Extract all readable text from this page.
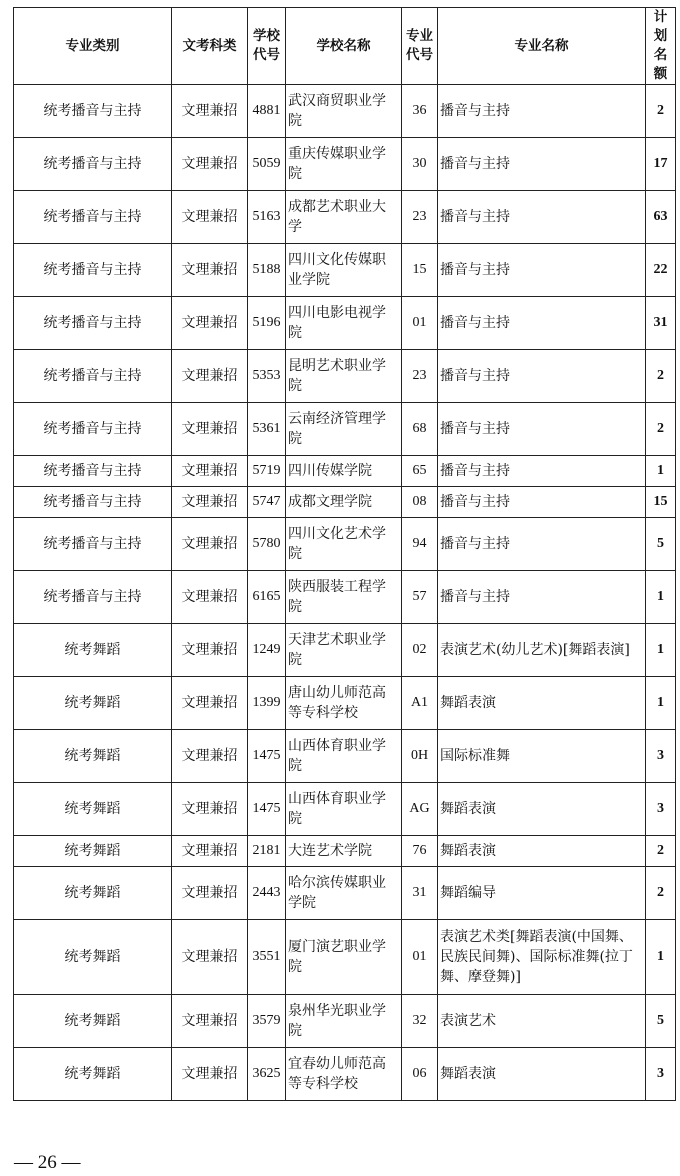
专业类别	文考科类	学校代号	学校名称	专业代号	专业名称	计划名额
统考播音与主持	文理兼招	4881	武汉商贸职业学院	36	播音与主持	2
统考播音与主持	文理兼招	5059	重庆传媒职业学院	30	播音与主持	17
统考播音与主持	文理兼招	5163	成都艺术职业大学	23	播音与主持	63
统考播音与主持	文理兼招	5188	四川文化传媒职业学院	15	播音与主持	22
统考播音与主持	文理兼招	5196	四川电影电视学院	01	播音与主持	31
统考播音与主持	文理兼招	5353	昆明艺术职业学院	23	播音与主持	2
统考播音与主持	文理兼招	5361	云南经济管理学院	68	播音与主持	2
统考播音与主持	文理兼招	5719	四川传媒学院	65	播音与主持	1
统考播音与主持	文理兼招	5747	成都文理学院	08	播音与主持	15
统考播音与主持	文理兼招	5780	四川文化艺术学院	94	播音与主持	5
统考播音与主持	文理兼招	6165	陕西服装工程学院	57	播音与主持	1
统考舞蹈	文理兼招	1249	天津艺术职业学院	02	表演艺术(幼儿艺术)[舞蹈表演]	1
统考舞蹈	文理兼招	1399	唐山幼儿师范高等专科学校	A1	舞蹈表演	1
统考舞蹈	文理兼招	1475	山西体育职业学院	0H	国际标准舞	3
统考舞蹈	文理兼招	1475	山西体育职业学院	AG	舞蹈表演	3
统考舞蹈	文理兼招	2181	大连艺术学院	76	舞蹈表演	2
统考舞蹈	文理兼招	2443	哈尔滨传媒职业学院	31	舞蹈编导	2
统考舞蹈	文理兼招	3551	厦门演艺职业学院	01	表演艺术类[舞蹈表演(中国舞、民族民间舞)、国际标准舞(拉丁舞、摩登舞)]	1
统考舞蹈	文理兼招	3579	泉州华光职业学院	32	表演艺术	5
统考舞蹈	文理兼招	3625	宜春幼儿师范高等专科学校	06	舞蹈表演	3
— 26 —
